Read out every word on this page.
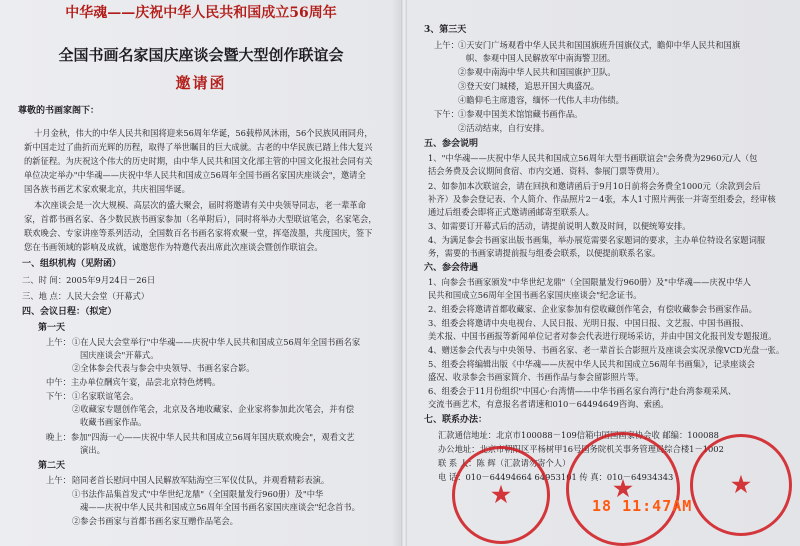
中华魂——庆祝中华人民共和国成立56周年
全国书画名家国庆座谈会暨大型创作联谊会
邀请函
尊敬的书画家阁下：
十月金秋，伟大的中华人民共和国将迎来56周年华诞，56载栉风沐雨，56个民族风雨同舟，
新中国走过了曲折而光辉的历程，取得了举世瞩目的巨大成就。古老的中华民族已踏上伟大复兴
的新征程。为庆祝这个伟大的历史时期，由中华人民共和国文化部主管的中国文化报社会同有关
单位决定举办"中华魂——庆祝中华人民共和国成立56周年全国书画名家国庆座谈会"，邀请全
国各族书画艺术家欢聚北京，共庆祖国华诞。
本次座谈会是一次大规模、高层次的盛大聚会，届时将邀请有关中央领导同志，老一辈革命
家，首都书画名家、各少数民族书画家参加（名单附后），同时将举办大型联谊笔会，名家笔会，
联欢晚会、专家讲座等系列活动，全国数百名书画名家将欢聚一堂，挥毫泼墨，共度国庆，签下
您在书画领域的影响及成就，诚邀您作为特邀代表出席此次座谈会暨创作联谊会。
一、组织机构（见附函）
二、时 间：2005年9月24日－26日
三、地 点：人民大会堂（开幕式）
四、会议日程：（拟定）
第一天
上午： ①在人民大会堂举行"中华魂——庆祝中华人民共和国成立56周年全国书画名家
国庆座谈会"开幕式。
②全体参会代表与参会中央领导、书画名家合影。
中午：主办单位酬宾午宴，品尝北京特色烤鸭。
下午： ①名家联谊笔会。
②收藏家专题创作笔会，北京及各地收藏家、企业家将参加此次笔会，并有偿
收藏书画家作品。
晚上：参加"四海一心——庆祝中华人民共和国成立56周年国庆联欢晚会"，观看文艺
演出。
第二天
上午： 陪同老首长慰问中国人民解放军陆海空三军仪仗队，并观看精彩表演。
①书法作品集首发式"中华世纪龙鼎"（全国限量发行960册）及"中华
魂——庆祝中华人民共和国成立56周年全国书画名家国庆座谈会"纪念首书。
②参会书画家与首都书画名家互赠作品笔会。
3、第三天
上午： ①天安门广场观看中华人民共和国国旗班升国旗仪式，瞻仰中华人民共和国旗
帜、参观中国人民解放军中南海警卫团。
②参观中南海中华人民共和国国旗护卫队。
③登天安门城楼，追思开国大典盛况。
④瞻仰毛主席遗容，缅怀一代伟人丰功伟绩。
下午： ①参观中国美术馆馆藏书画作品。
②活动结束，自行安排。
五、参会说明
1、"中华魂——庆祝中华人民共和国成立56周年大型书画联谊会"会务费为2960元/人（包
括会务费及会议期间食宿、市内交通、资料、参展门票等费用）。
2、如参加本次联谊会，请在回执和邀请函后于9月10日前将会务费全1000元（余款到会后
补齐）及参会登记表、个人简介、作品照片2－4张，本人1寸照片两张一并寄至组委会，经审核
通过后组委会即将正式邀请函邮寄至联系人。
3、如需要订开幕式后的活动，请提前说明人数及时间，以便统筹安排。
4、为满足参会书画家出版书画集，举办展览需要名家题词的要求，主办单位特设名家题词服
务，需要的书画家请提前报与组委会联系，以便提前联系名家。
六、参会待遇
1、向参会书画家颁发"中华世纪龙鼎"（全国限量发行960册）及"中华魂——庆祝中华人
民共和国成立56周年全国书画名家国庆座谈会"纪念证书。
2、组委会将邀请首都收藏家、企业家参加有偿收藏创作笔会，有偿收藏参会书画家作品。
3、组委会将邀请中央电视台、人民日报、光明日报、中国日报、文艺报、中国书画报、
美术报、中国书画报等新闻单位记者对参会代表进行现场采访，并由中国文化报刊发专题报道。
4、赠送参会代表与中央领导、书画名家、老一辈首长合影照片及座谈会实况录像VCD光盘一张。
5、组委会将编辑出版《中华魂——庆祝中华人民共和国成立56周年书画集》，记录座谈会
盛况、收录参会书画家简介、书画作品与参会留影照片等。
6、组委会于11月份组织"中国心·台湾情——中华书画名家台湾行"赴台湾参观采风、
交流书画艺术，有意报名者请速和010－64494649咨询、索函。
七、联系办法：
汇款通信地址：北京市100088－109信箱中国国画家协会收 邮编：100088
办公地址：北京市朝阳区平杨树甲16号国务院机关事务管理局综合楼1－1002
联 系 人：陈 辉（汇款请勿寄个人）
电 话：010－64494664 64953101 传 真：010－64934343
★	★	★
18 11:47AM
